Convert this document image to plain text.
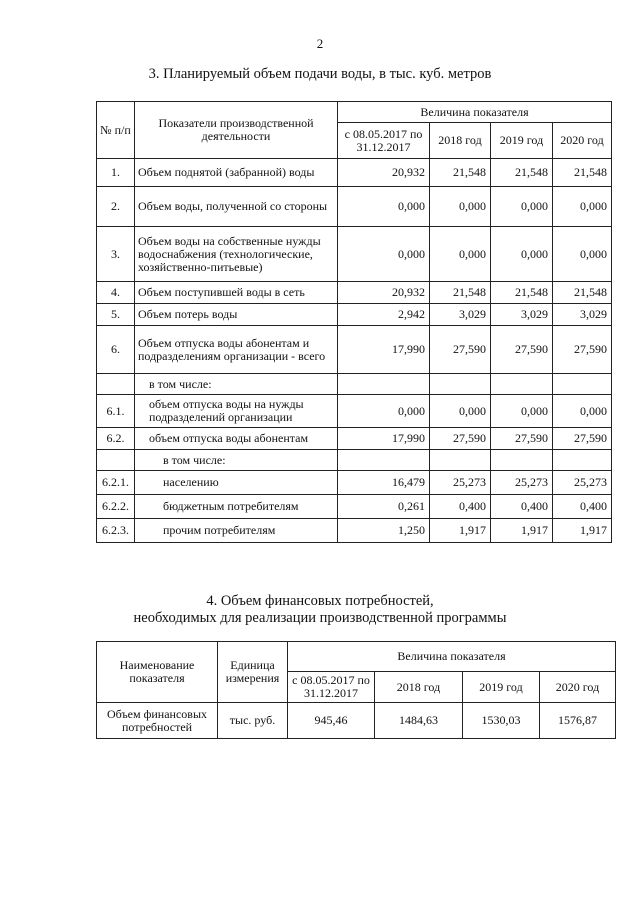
2
3. Планируемый объем подачи воды, в тыс. куб. метров
№ п/п	Показатели производственной деятельности	Величина показателя			
		с 08.05.2017 по 31.12.2017	2018 год	2019 год	2020 год
1.	Объем поднятой (забранной) воды	20,932	21,548	21,548	21,548
2.	Объем воды, полученной со стороны	0,000	0,000	0,000	0,000
3.	Объем воды на собственные нужды водоснабжения (технологические, хозяйственно-питьевые)	0,000	0,000	0,000	0,000
4.	Объем поступившей воды в сеть	20,932	21,548	21,548	21,548
5.	Объем потерь воды	2,942	3,029	3,029	3,029
6.	Объем отпуска воды абонентам и подразделениям организации - всего	17,990	27,590	27,590	27,590
	в том числе:				
6.1.	объем отпуска воды на нужды подразделений организации	0,000	0,000	0,000	0,000
6.2.	объем отпуска воды абонентам	17,990	27,590	27,590	27,590
	в том числе:				
6.2.1.	населению	16,479	25,273	25,273	25,273
6.2.2.	бюджетным потребителям	0,261	0,400	0,400	0,400
6.2.3.	прочим потребителям	1,250	1,917	1,917	1,917
4. Объем финансовых потребностей,
необходимых для реализации производственной программы
Наименование показателя	Единица измерения	Величина показателя			
		с 08.05.2017 по 31.12.2017	2018 год	2019 год	2020 год
Объем финансовых потребностей	тыс. руб.	945,46	1484,63	1530,03	1576,87
